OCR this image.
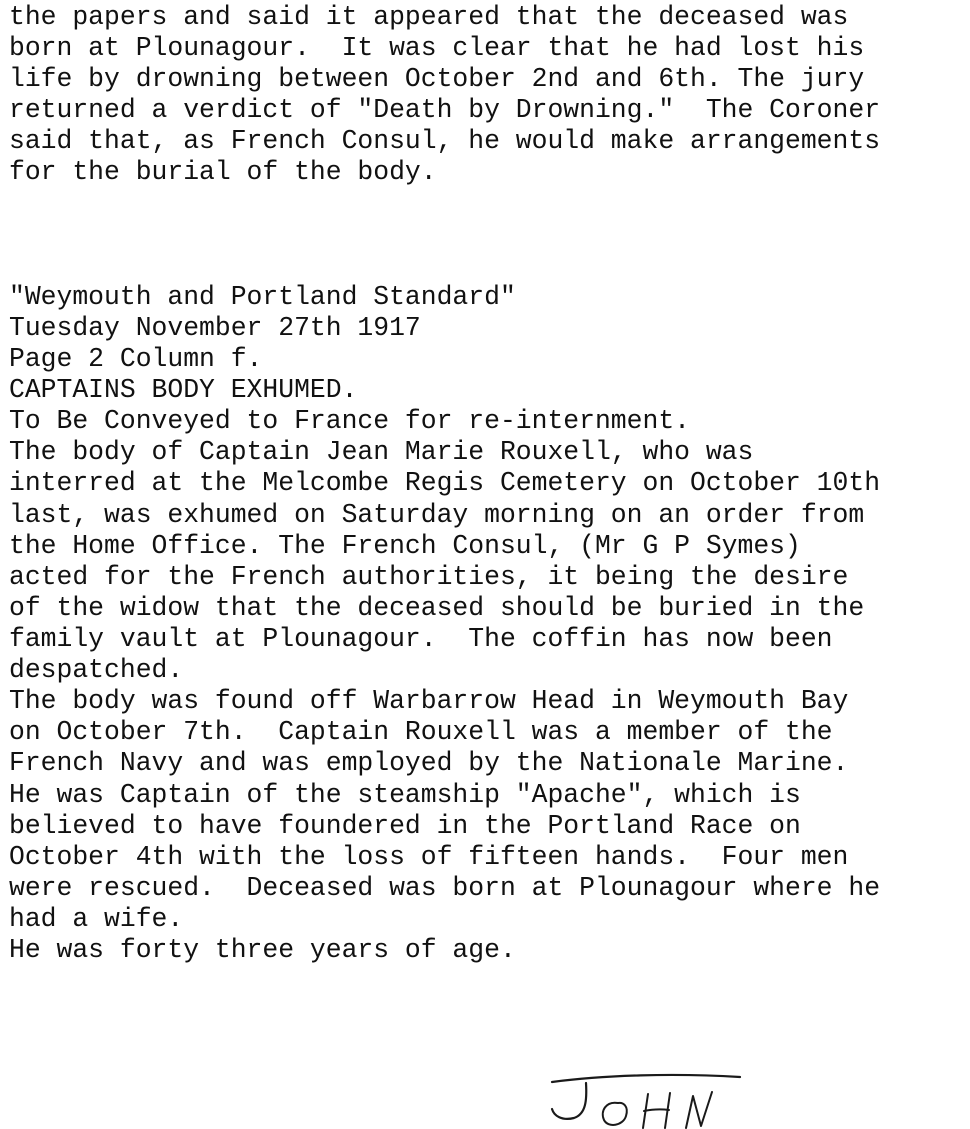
the papers and said it appeared that the deceased was

born at Plounagour.  It was clear that he had lost his

life by drowning between October 2nd and 6th. The jury

returned a verdict of "Death by Drowning."  The Coroner

said that, as French Consul, he would make arrangements

for the burial of the body.

"Weymouth and Portland Standard"

Tuesday November 27th 1917

Page 2 Column f.

CAPTAINS BODY EXHUMED.

To Be Conveyed to France for re-internment.

The body of Captain Jean Marie Rouxell, who was

interred at the Melcombe Regis Cemetery on October 10th

last, was exhumed on Saturday morning on an order from

the Home Office. The French Consul, (Mr G P Symes)

acted for the French authorities, it being the desire

of the widow that the deceased should be buried in the

family vault at Plounagour.  The coffin has now been

despatched.

The body was found off Warbarrow Head in Weymouth Bay

on October 7th.  Captain Rouxell was a member of the

French Navy and was employed by the Nationale Marine.

He was Captain of the steamship "Apache", which is

believed to have foundered in the Portland Race on

October 4th with the loss of fifteen hands.  Four men

were rescued.  Deceased was born at Plounagour where he

had a wife.

He was forty three years of age.
